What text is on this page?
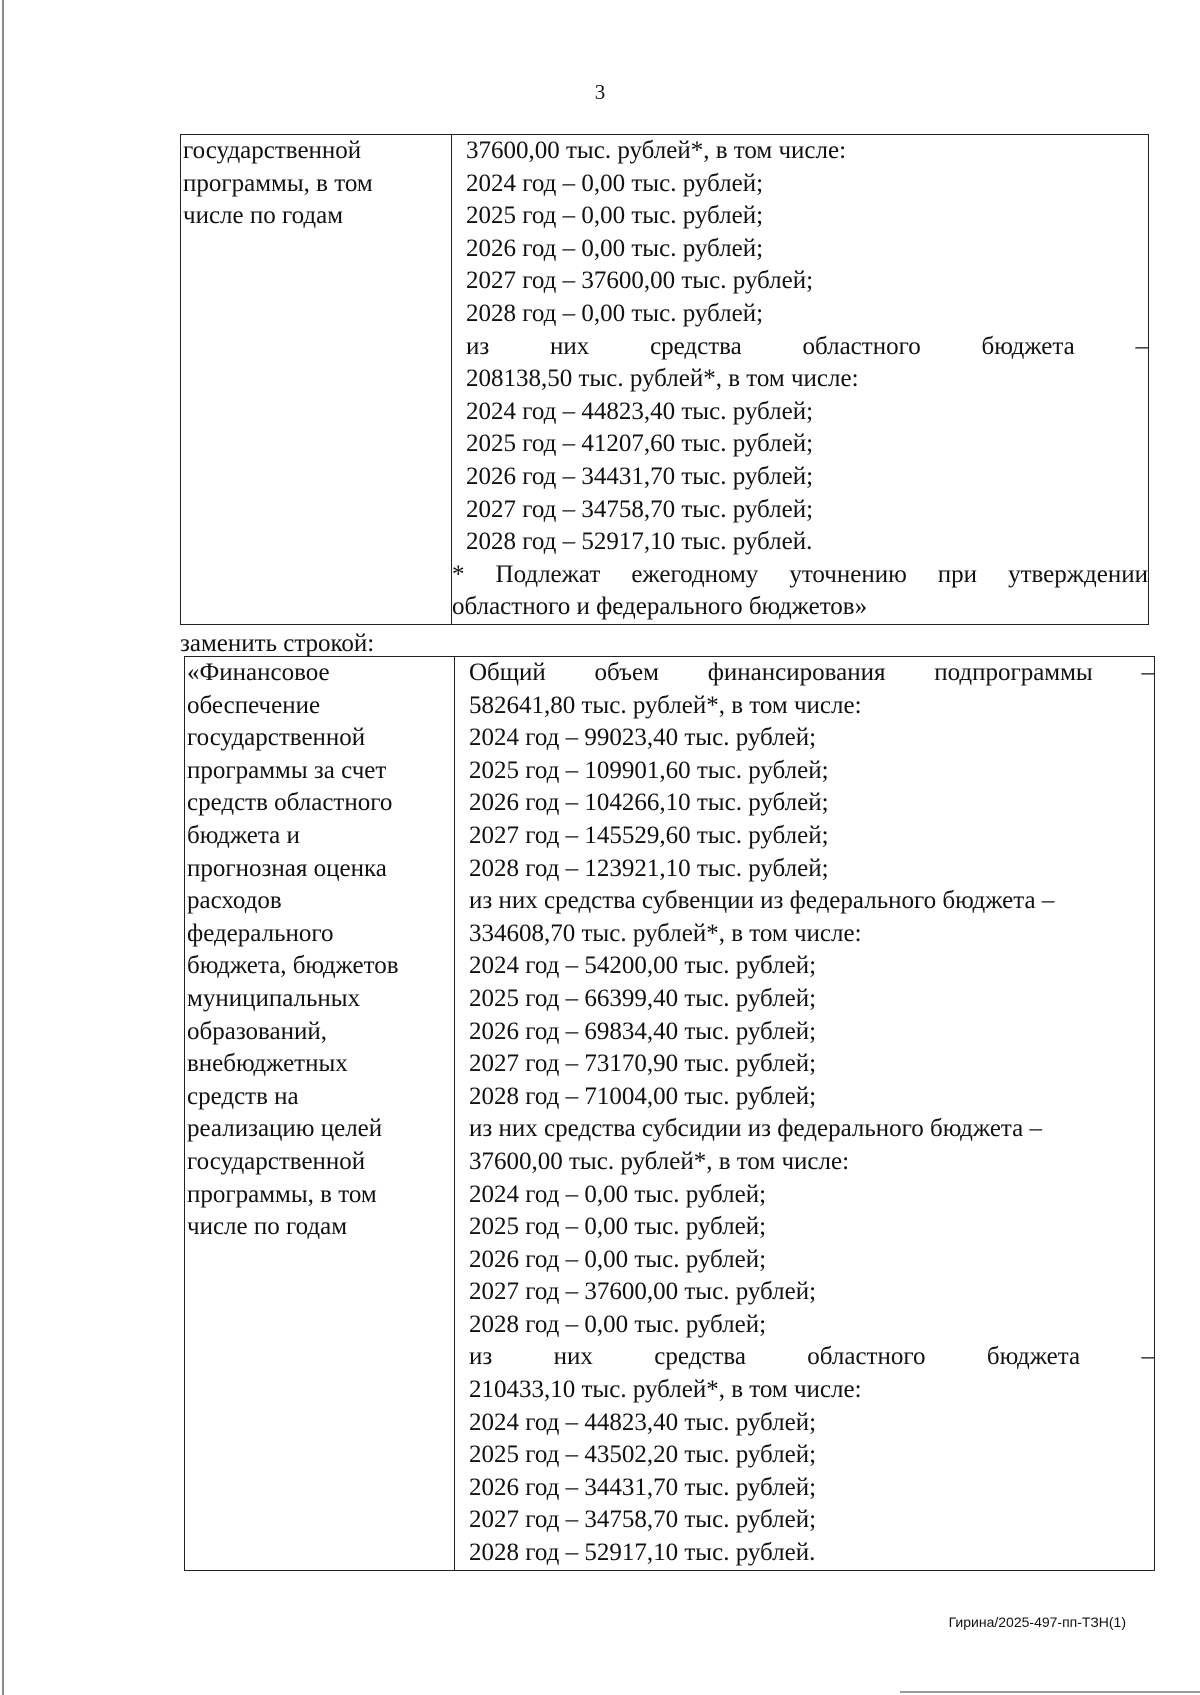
3
государственной
программы, в том
числе по годам

37600,00 тыс. рублей*, в том числе:
2024 год – 0,00 тыс. рублей;
2025 год – 0,00 тыс. рублей;
2026 год – 0,00 тыс. рублей;
2027 год – 37600,00 тыс. рублей;
2028 год – 0,00 тыс. рублей;
из них средства областного бюджета –
208138,50 тыс. рублей*, в том числе:
2024 год – 44823,40 тыс. рублей;
2025 год – 41207,60 тыс. рублей;
2026 год – 34431,70 тыс. рублей;
2027 год – 34758,70 тыс. рублей;
2028 год – 52917,10 тыс. рублей.
* Подлежат ежегодному уточнению при утверждении
областного и федерального бюджетов»
заменить строкой:
«Финансовое
обеспечение
государственной
программы за счет
средств областного
бюджета и
прогнозная оценка
расходов
федерального
бюджета, бюджетов
муниципальных
образований,
внебюджетных
средств на
реализацию целей
государственной
программы, в том
числе по годам

Общий объем финансирования подпрограммы –
582641,80 тыс. рублей*, в том числе:
2024 год – 99023,40 тыс. рублей;
2025 год – 109901,60 тыс. рублей;
2026 год – 104266,10 тыс. рублей;
2027 год – 145529,60 тыс. рублей;
2028 год – 123921,10 тыс. рублей;
из них средства субвенции из федерального бюджета –
334608,70 тыс. рублей*, в том числе:
2024 год – 54200,00 тыс. рублей;
2025 год – 66399,40 тыс. рублей;
2026 год – 69834,40 тыс. рублей;
2027 год – 73170,90 тыс. рублей;
2028 год – 71004,00 тыс. рублей;
из них средства субсидии из федерального бюджета –
37600,00 тыс. рублей*, в том числе:
2024 год – 0,00 тыс. рублей;
2025 год – 0,00 тыс. рублей;
2026 год – 0,00 тыс. рублей;
2027 год – 37600,00 тыс. рублей;
2028 год – 0,00 тыс. рублей;
из них средства областного бюджета –
210433,10 тыс. рублей*, в том числе:
2024 год – 44823,40 тыс. рублей;
2025 год – 43502,20 тыс. рублей;
2026 год – 34431,70 тыс. рублей;
2027 год – 34758,70 тыс. рублей;
2028 год – 52917,10 тыс. рублей.
Гирина/2025-497-пп-ТЗН(1)
